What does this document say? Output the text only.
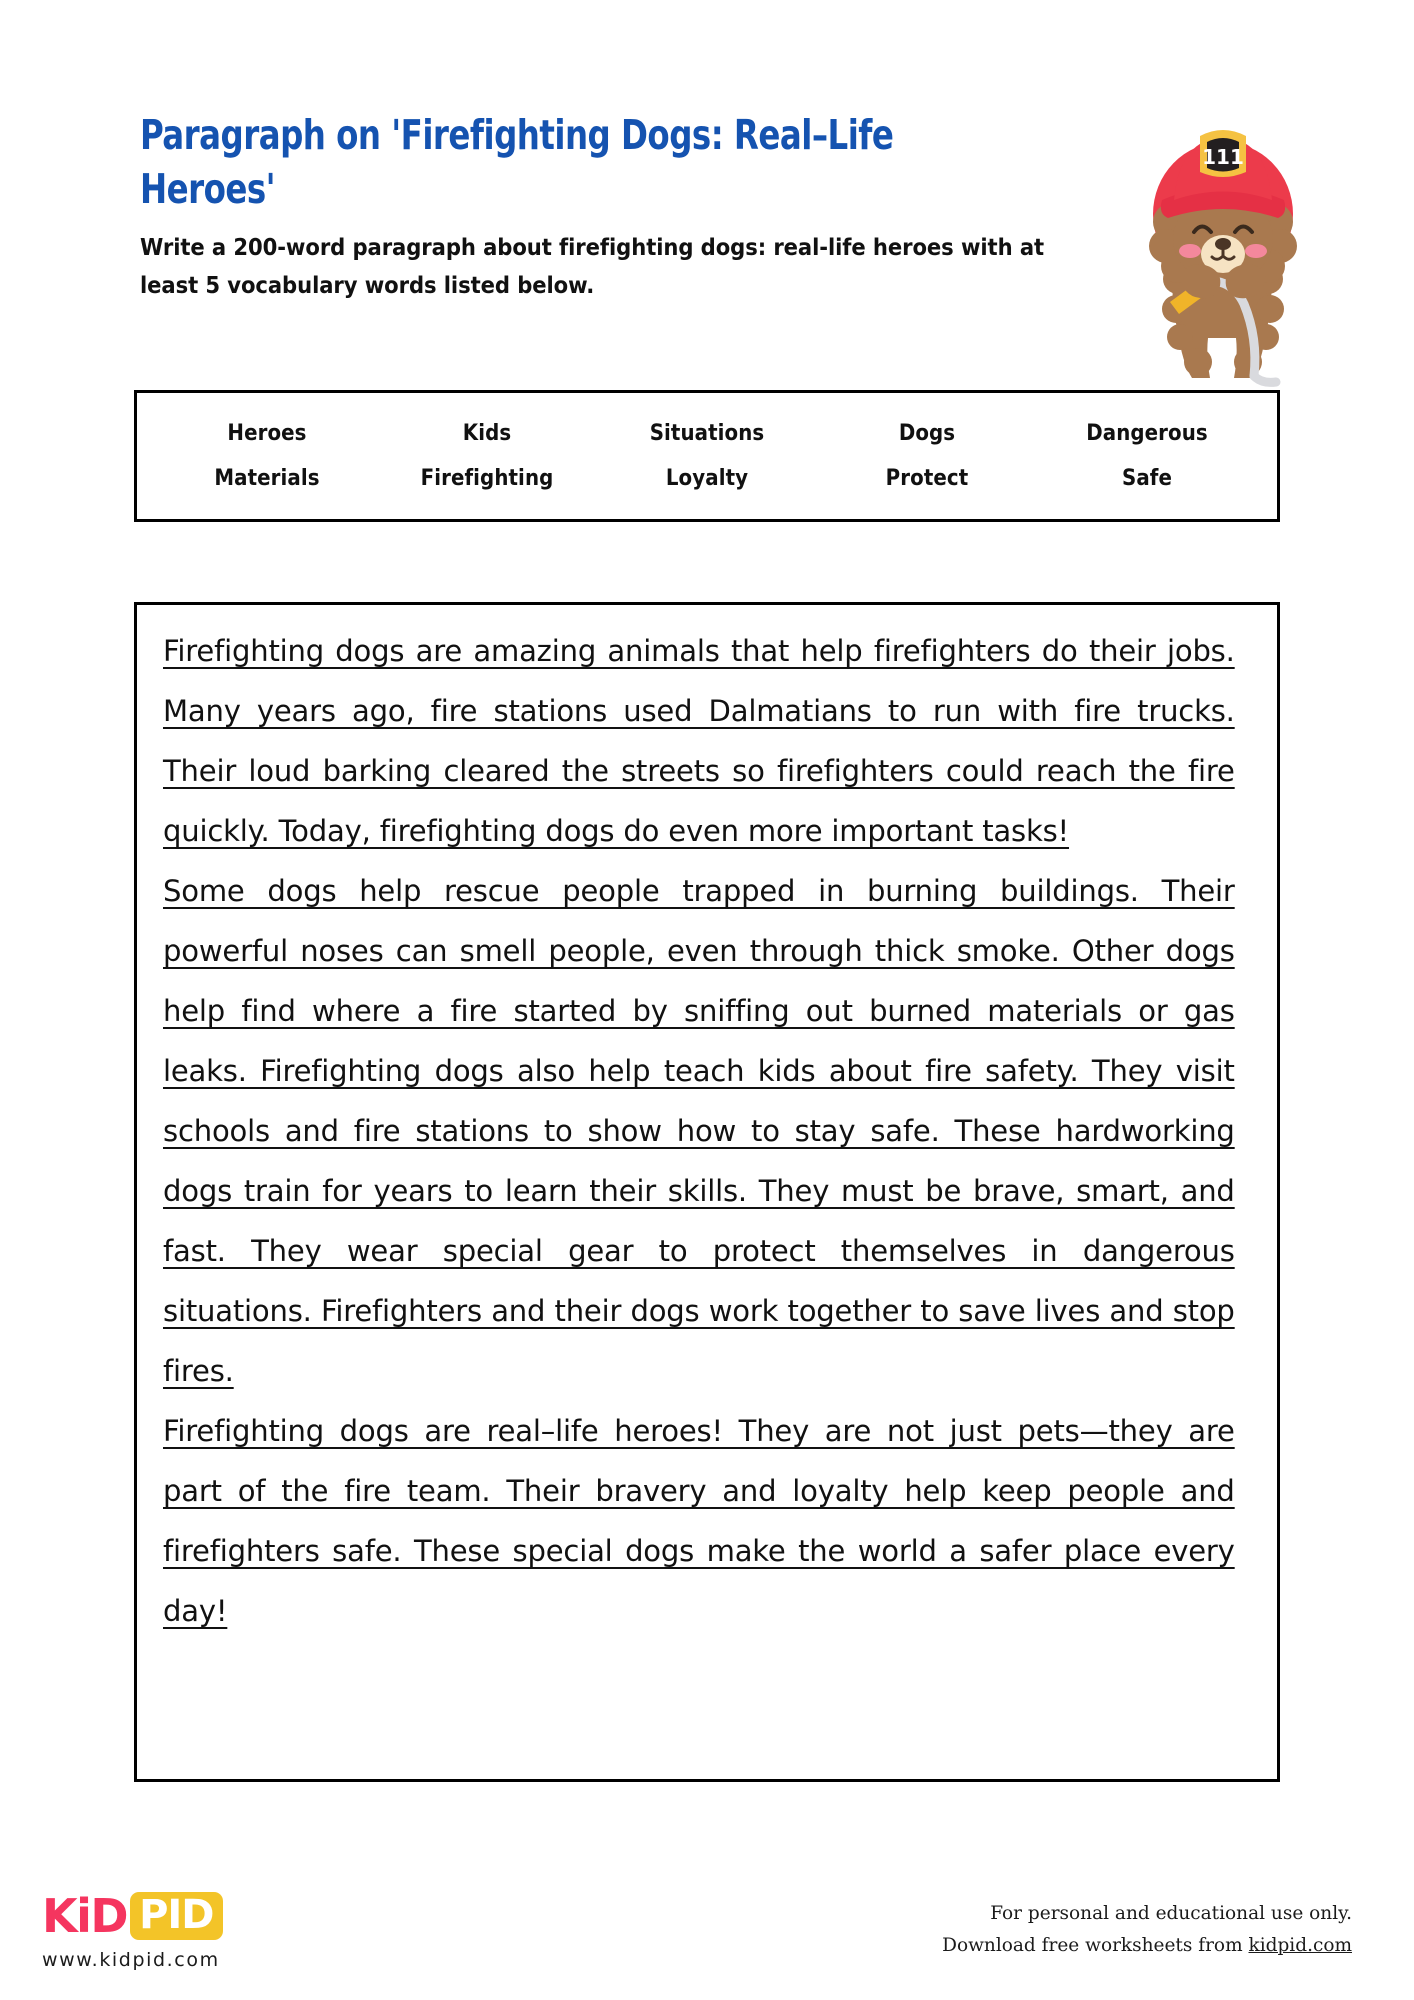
Paragraph on 'Firefighting Dogs: Real–Life Heroes'

Write a 200-word paragraph about firefighting dogs: real-life heroes with at least 5 vocabulary words listed below.

111
Heroes	Kids	Situations	Dogs	Dangerous
Materials	Firefighting	Loyalty	Protect	Safe

Firefighting dogs are amazing animals that help firefighters do their jobs. Many years ago, fire stations used Dalmatians to run with fire trucks. Their loud barking cleared the streets so firefighters could reach the fire quickly. Today, firefighting dogs do even more important tasks!

Some dogs help rescue people trapped in burning buildings. Their powerful noses can smell people, even through thick smoke. Other dogs help find where a fire started by sniffing out burned materials or gas leaks. Firefighting dogs also help teach kids about fire safety. They visit schools and fire stations to show how to stay safe. These hardworking dogs train for years to learn their skills. They must be brave, smart, and fast. They wear special gear to protect themselves in dangerous situations. Firefighters and their dogs work together to save lives and stop fires.

Firefighting dogs are real–life heroes! They are not just pets—they are part of the fire team. Their bravery and loyalty help keep people and firefighters safe. These special dogs make the world a safer place every day!

KiD PID
www.kidpid.com
For personal and educational use only.
Download free worksheets from kidpid.com
